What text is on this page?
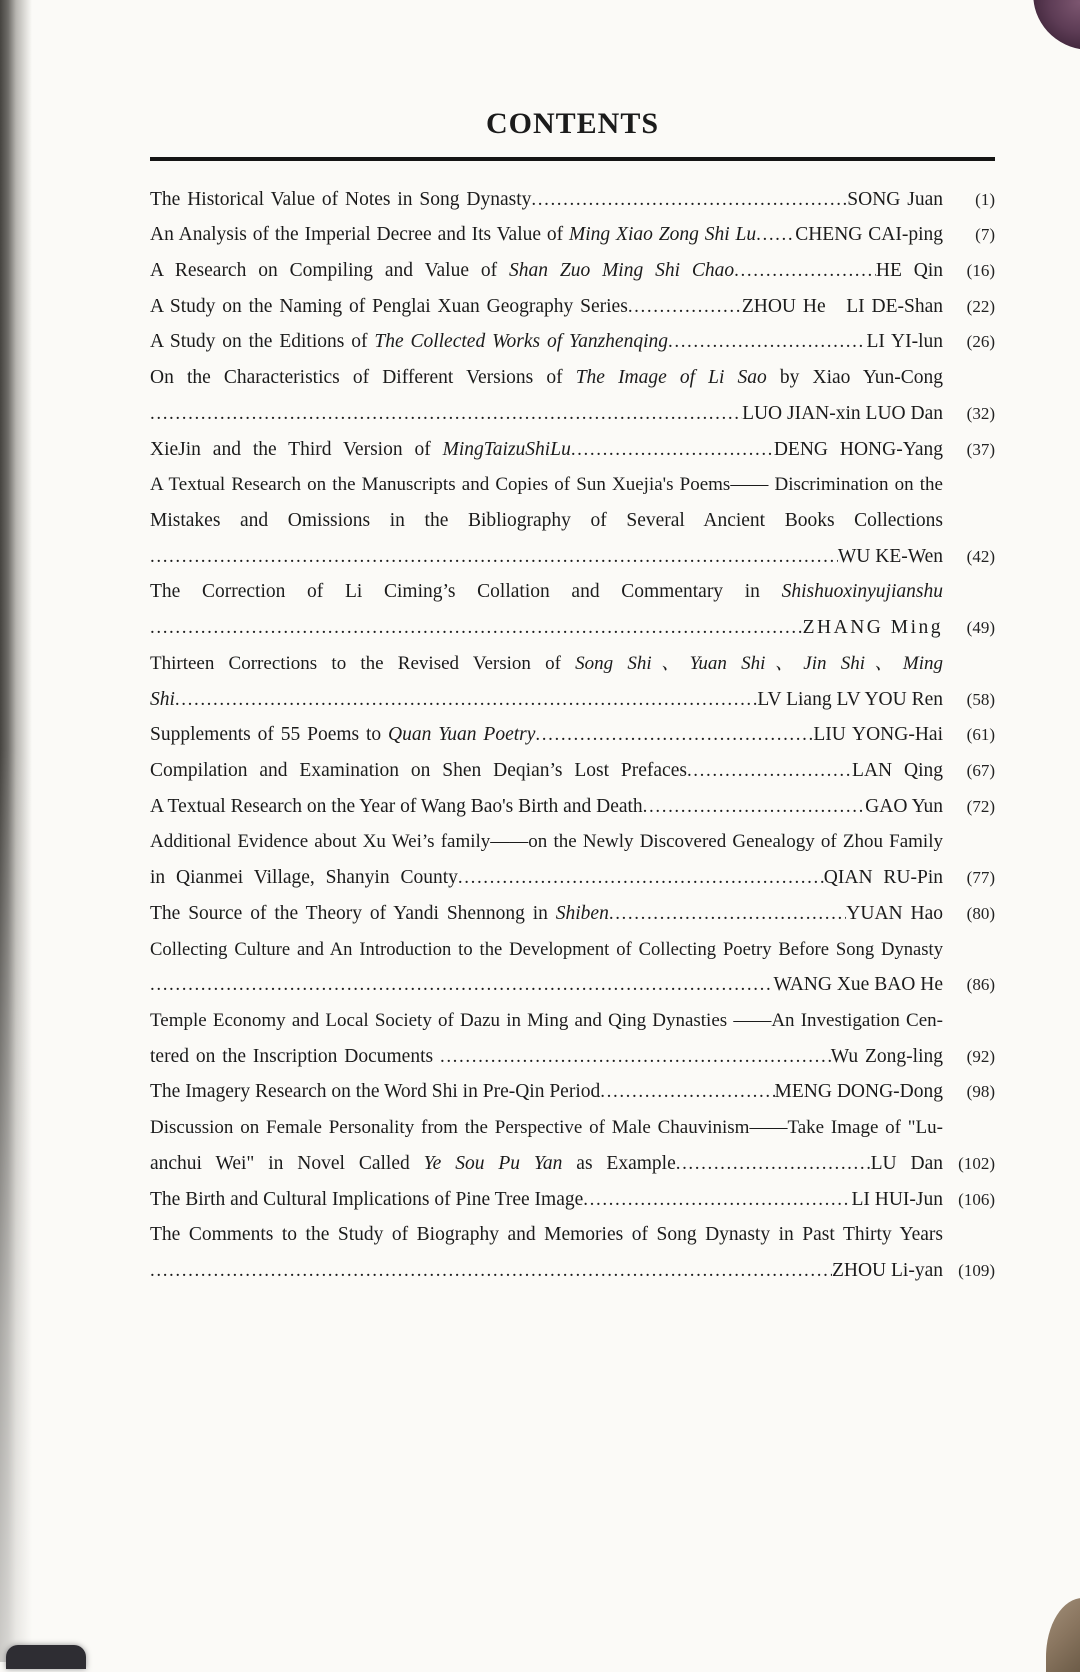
CONTENTS
The Historical Value of Notes in Song Dynasty .....	SONG Juan	(1)
An Analysis of the Imperial Decree and Its Value of Ming Xiao Zong Shi Lu ..... CHENG CAI-ping	(7)
A Research on Compiling and Value of Shan Zuo Ming Shi Chao .....	HE Qin	(16)
A Study on the Naming of Penglai Xuan Geography Series .....	ZHOU He   LI DE-Shan	(22)
A Study on the Editions of The Collected Works of Yanzhenqing .....	LI YI-lun	(26)
On the Characteristics of Different Versions of The Image of Li Sao by Xiao Yun-Cong
.....
LUO JIAN-xin LUO Dan	(32)
XieJin and the Third Version of MingTaizuShiLu .....	DENG HONG-Yang	(37)
A Textual Research on the Manuscripts and Copies of Sun Xuejia's Poems—— Discrimination on the
Mistakes and Omissions in the Bibliography of Several Ancient Books Collections
.....
WU KE-Wen	(42)
The Correction of Li Ciming’s Collation and Commentary in Shishuoxinyujianshu
.....
ZHANG Ming	(49)
Thirteen Corrections to the Revised Version of Song Shi、Yuan Shi、Jin Shi、Ming
Shi .....	LV Liang LV YOU Ren	(58)
Supplements of 55 Poems to Quan Yuan Poetry .....	LIU YONG-Hai	(61)
Compilation and Examination on Shen Deqian’s Lost Prefaces .....	LAN Qing	(67)
A Textual Research on the Year of Wang Bao's Birth and Death .....	GAO Yun	(72)
Additional Evidence about Xu Wei’s family——on the Newly Discovered Genealogy of Zhou Family
in Qianmei Village, Shanyin County .....	QIAN RU-Pin	(77)
The Source of the Theory of Yandi Shennong in Shiben .....	YUAN Hao	(80)
Collecting Culture and An Introduction to the Development of Collecting Poetry Before Song Dynasty
.....
WANG Xue BAO He	(86)
Temple Economy and Local Society of Dazu in Ming and Qing Dynasties ——An Investigation Cen-
tered on the Inscription Documents .....	Wu Zong-ling	(92)
The Imagery Research on the Word Shi in Pre-Qin Period .....	MENG DONG-Dong	(98)
Discussion on Female Personality from the Perspective of Male Chauvinism——Take Image of "Lu-
anchui Wei" in Novel Called Ye Sou Pu Yan as Example .....	LU Dan (102)
The Birth and Cultural Implications of Pine Tree Image .....	LI HUI-Jun (106)
The Comments to the Study of Biography and Memories of Song Dynasty in Past Thirty Years
.....
ZHOU Li-yan (109)
